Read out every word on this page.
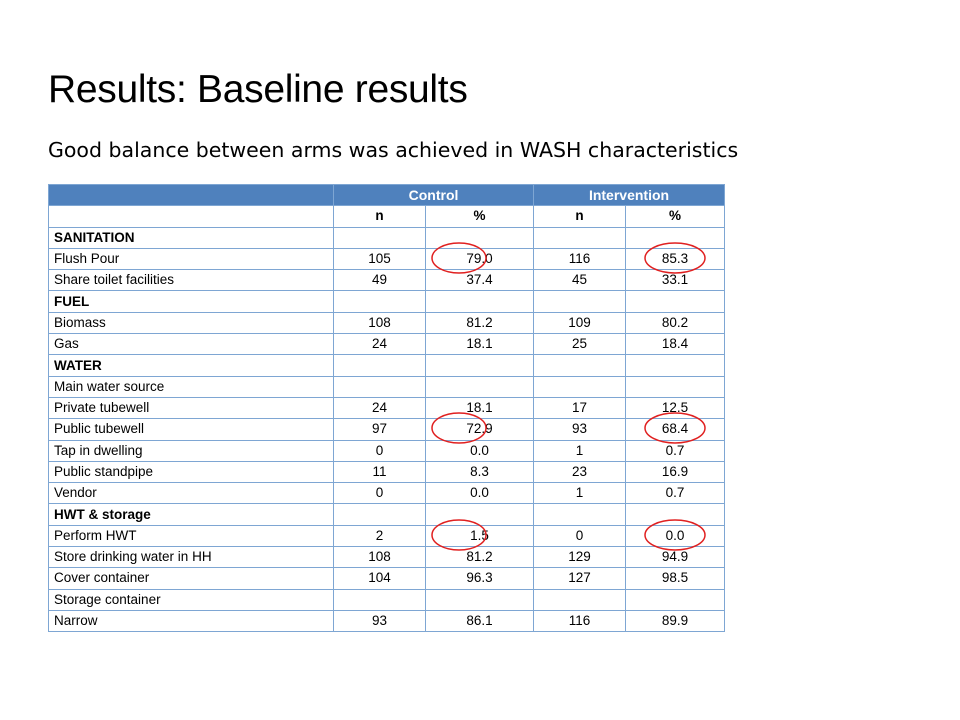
Results: Baseline results

Good balance between arms was achieved in WASH characteristics

	Control		Intervention	
	n	%	n	%
SANITATION				
Flush Pour	105	79.0	116	85.3
Share toilet facilities	49	37.4	45	33.1
FUEL				
Biomass	108	81.2	109	80.2
Gas	24	18.1	25	18.4
WATER				
Main water source				
Private tubewell	24	18.1	17	12.5
Public tubewell	97	72.9	93	68.4
Tap in dwelling	0	0.0	1	0.7
Public standpipe	11	8.3	23	16.9
Vendor	0	0.0	1	0.7
HWT & storage				
Perform HWT	2	1.5	0	0.0
Store drinking water in HH	108	81.2	129	94.9
Cover container	104	96.3	127	98.5
Storage container				
Narrow	93	86.1	116	89.9
